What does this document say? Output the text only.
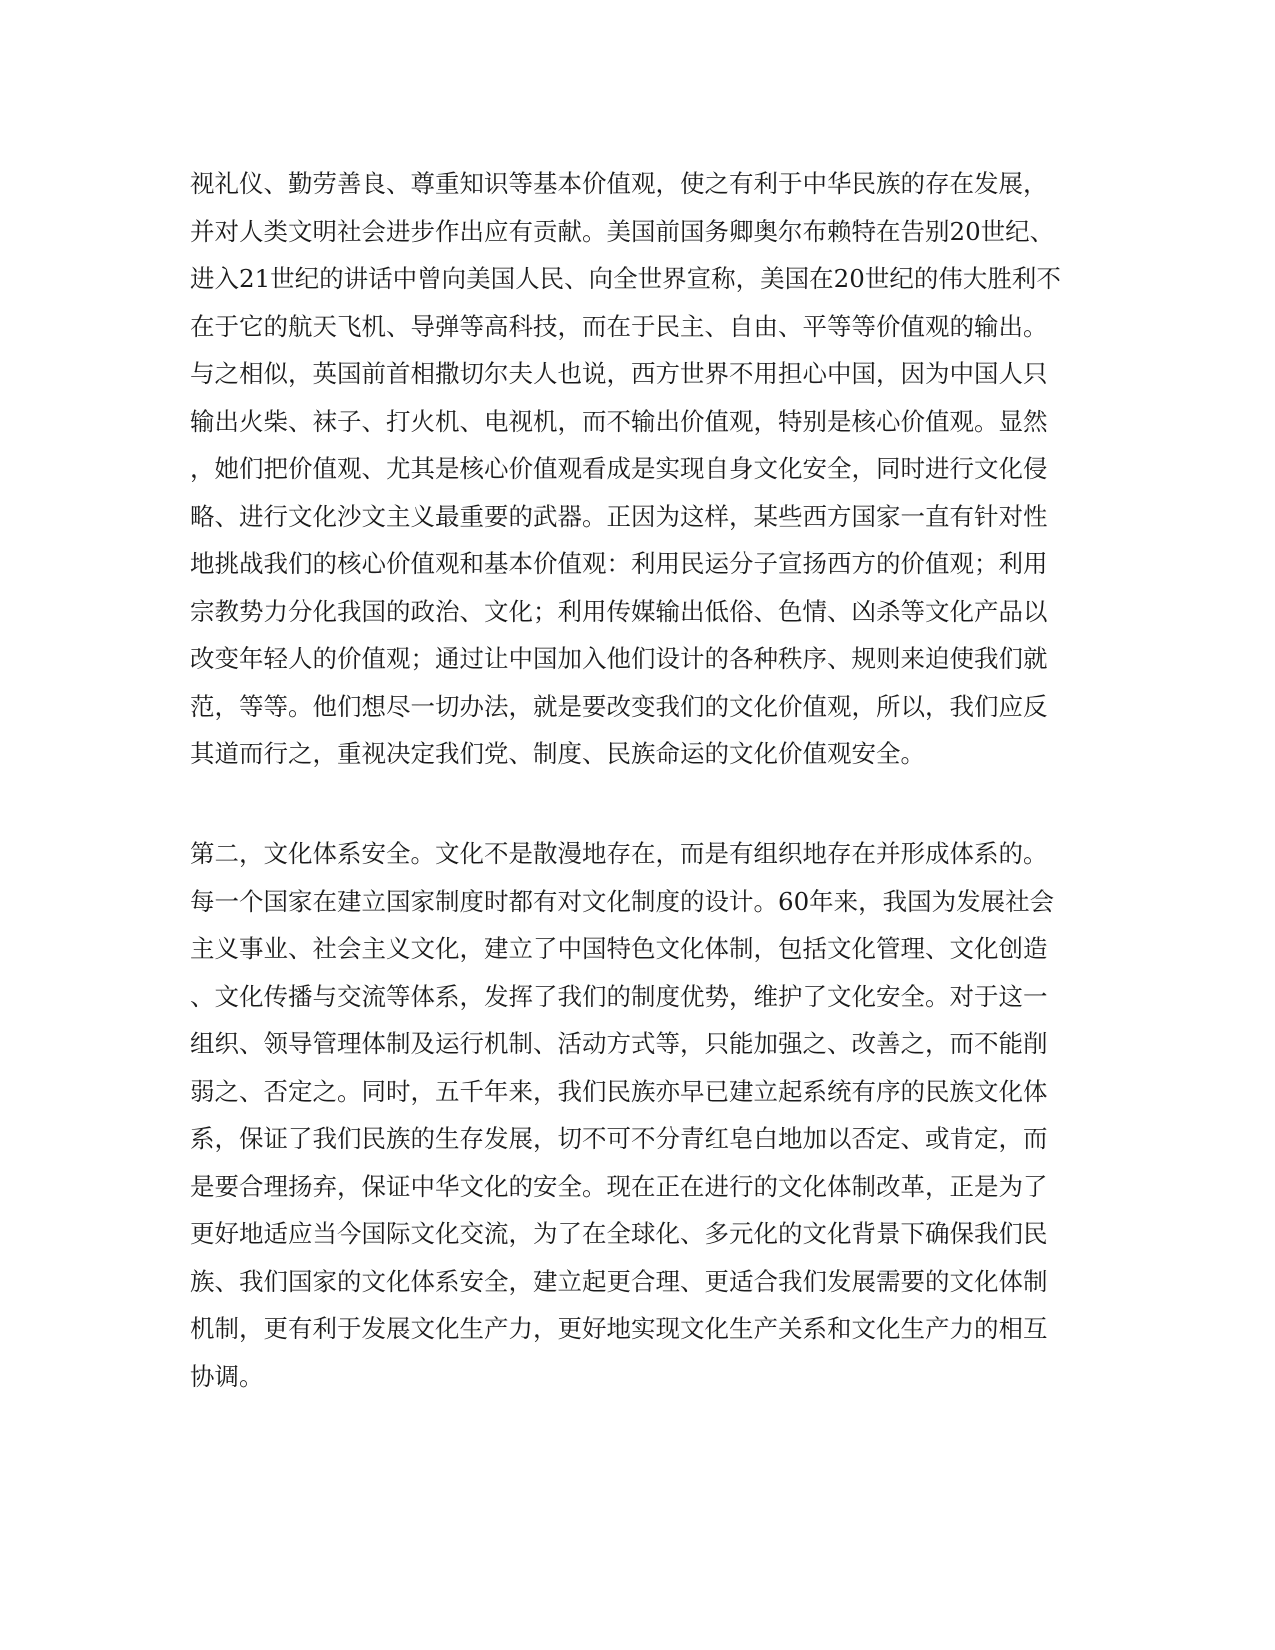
视礼仪、勤劳善良、尊重知识等基本价值观，使之有利于中华民族的存在发展，
并对人类文明社会进步作出应有贡献。美国前国务卿奥尔布赖特在告别20世纪、
进入21世纪的讲话中曾向美国人民、向全世界宣称，美国在20世纪的伟大胜利不
在于它的航天飞机、导弹等高科技，而在于民主、自由、平等等价值观的输出。
与之相似，英国前首相撒切尔夫人也说，西方世界不用担心中国，因为中国人只
输出火柴、袜子、打火机、电视机，而不输出价值观，特别是核心价值观。显然
，她们把价值观、尤其是核心价值观看成是实现自身文化安全，同时进行文化侵
略、进行文化沙文主义最重要的武器。正因为这样，某些西方国家一直有针对性
地挑战我们的核心价值观和基本价值观：利用民运分子宣扬西方的价值观；利用
宗教势力分化我国的政治、文化；利用传媒输出低俗、色情、凶杀等文化产品以
改变年轻人的价值观；通过让中国加入他们设计的各种秩序、规则来迫使我们就
范，等等。他们想尽一切办法，就是要改变我们的文化价值观，所以，我们应反
其道而行之，重视决定我们党、制度、民族命运的文化价值观安全。
第二，文化体系安全。文化不是散漫地存在，而是有组织地存在并形成体系的。
每一个国家在建立国家制度时都有对文化制度的设计。60年来，我国为发展社会
主义事业、社会主义文化，建立了中国特色文化体制，包括文化管理、文化创造
、文化传播与交流等体系，发挥了我们的制度优势，维护了文化安全。对于这一
组织、领导管理体制及运行机制、活动方式等，只能加强之、改善之，而不能削
弱之、否定之。同时，五千年来，我们民族亦早已建立起系统有序的民族文化体
系，保证了我们民族的生存发展，切不可不分青红皂白地加以否定、或肯定，而
是要合理扬弃，保证中华文化的安全。现在正在进行的文化体制改革，正是为了
更好地适应当今国际文化交流，为了在全球化、多元化的文化背景下确保我们民
族、我们国家的文化体系安全，建立起更合理、更适合我们发展需要的文化体制
机制，更有利于发展文化生产力，更好地实现文化生产关系和文化生产力的相互
协调。
